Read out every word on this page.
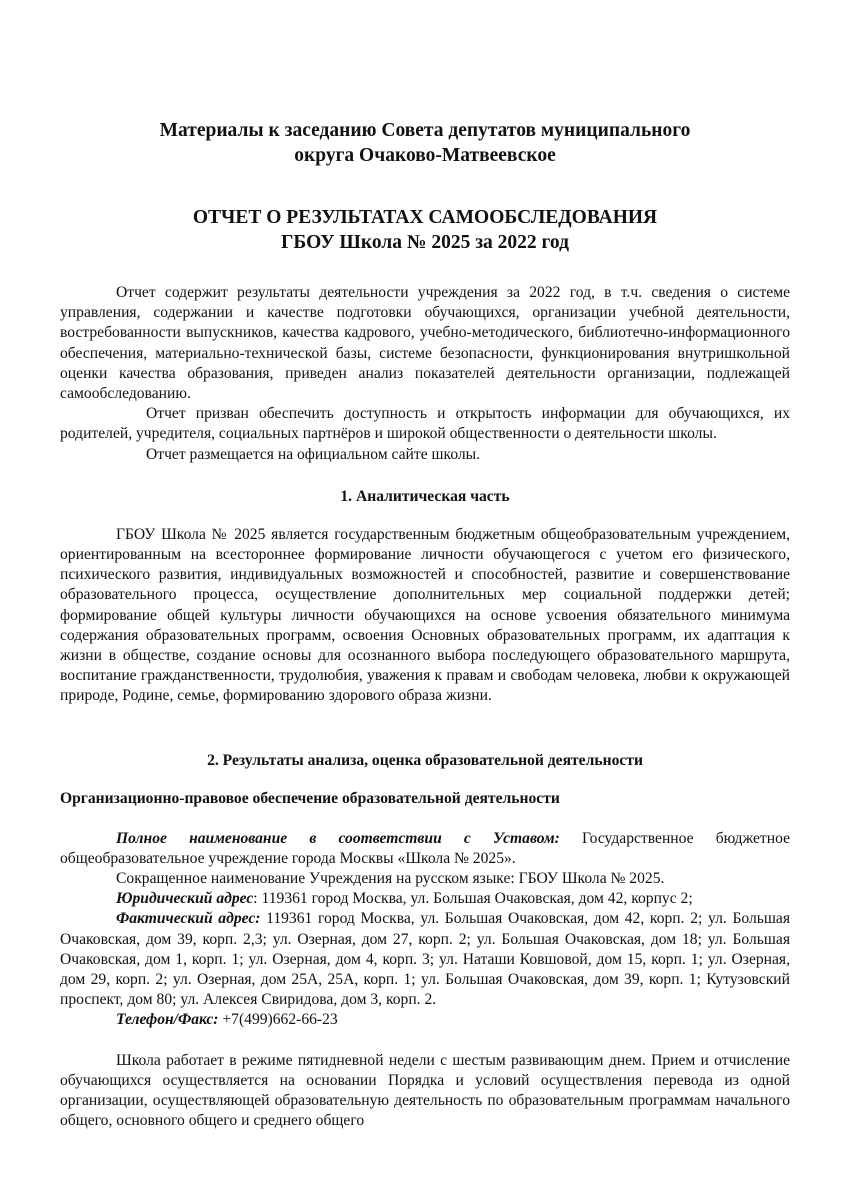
Материалы к заседанию Совета депутатов муниципального
округа Очаково-Матвеевское
ОТЧЕТ О РЕЗУЛЬТАТАХ САМООБСЛЕДОВАНИЯ
ГБОУ Школа № 2025 за 2022 год

Отчет содержит результаты деятельности учреждения за 2022 год, в т.ч. сведения о системе управления, содержании и качестве подготовки обучающихся, организации учебной деятельности, востребованности выпускников, качества кадрового, учебно-методического, библиотечно-информационного обеспечения, материально-технической базы, системе безопасности, функционирования внутришкольной оценки качества образования, приведен анализ показателей деятельности организации, подлежащей самообследованию.

Отчет призван обеспечить доступность и открытость информации для обучающихся, их родителей, учредителя, социальных партнёров и широкой общественности о деятельности школы.

Отчет размещается на официальном сайте школы.

1. Аналитическая часть

ГБОУ Школа № 2025 является государственным бюджетным общеобразовательным учреждением, ориентированным на всестороннее формирование личности обучающегося с учетом его физического, психического развития, индивидуальных возможностей и способностей, развитие и совершенствование образовательного процесса, осуществление дополнительных мер социальной поддержки детей; формирование общей культуры личности обучающихся на основе усвоения обязательного минимума содержания образовательных программ, освоения Основных образовательных программ, их адаптация к жизни в обществе, создание основы для осознанного выбора последующего образовательного маршрута, воспитание гражданственности, трудолюбия, уважения к правам и свободам человека, любви к окружающей природе, Родине, семье, формированию здорового образа жизни.

2. Результаты анализа, оценка образовательной деятельности
Организационно-правовое обеспечение образовательной деятельности

Полное наименование в соответствии с Уставом: Государственное бюджетное общеобразовательное учреждение города Москвы «Школа № 2025».

Сокращенное наименование Учреждения на русском языке: ГБОУ Школа № 2025.

Юридический адрес: 119361 город Москва, ул. Большая Очаковская, дом 42, корпус 2;

Фактический адрес: 119361 город Москва, ул. Большая Очаковская, дом 42, корп. 2; ул. Большая Очаковская, дом 39, корп. 2,3; ул. Озерная, дом 27, корп. 2; ул. Большая Очаковская, дом 18; ул. Большая Очаковская, дом 1, корп. 1; ул. Озерная, дом 4, корп. 3; ул. Наташи Ковшовой, дом 15, корп. 1; ул. Озерная, дом 29, корп. 2; ул. Озерная, дом 25А, 25А, корп. 1; ул. Большая Очаковская, дом 39, корп. 1; Кутузовский проспект, дом 80; ул. Алексея Свиридова, дом 3, корп. 2.

Телефон/Факс: +7(499)662-66-23

Школа работает в режиме пятидневной недели с шестым развивающим днем. Прием и отчисление обучающихся осуществляется на основании Порядка и условий осуществления перевода из одной организации, осуществляющей образовательную деятельность по образовательным программам начального общего, основного общего и среднего общего
